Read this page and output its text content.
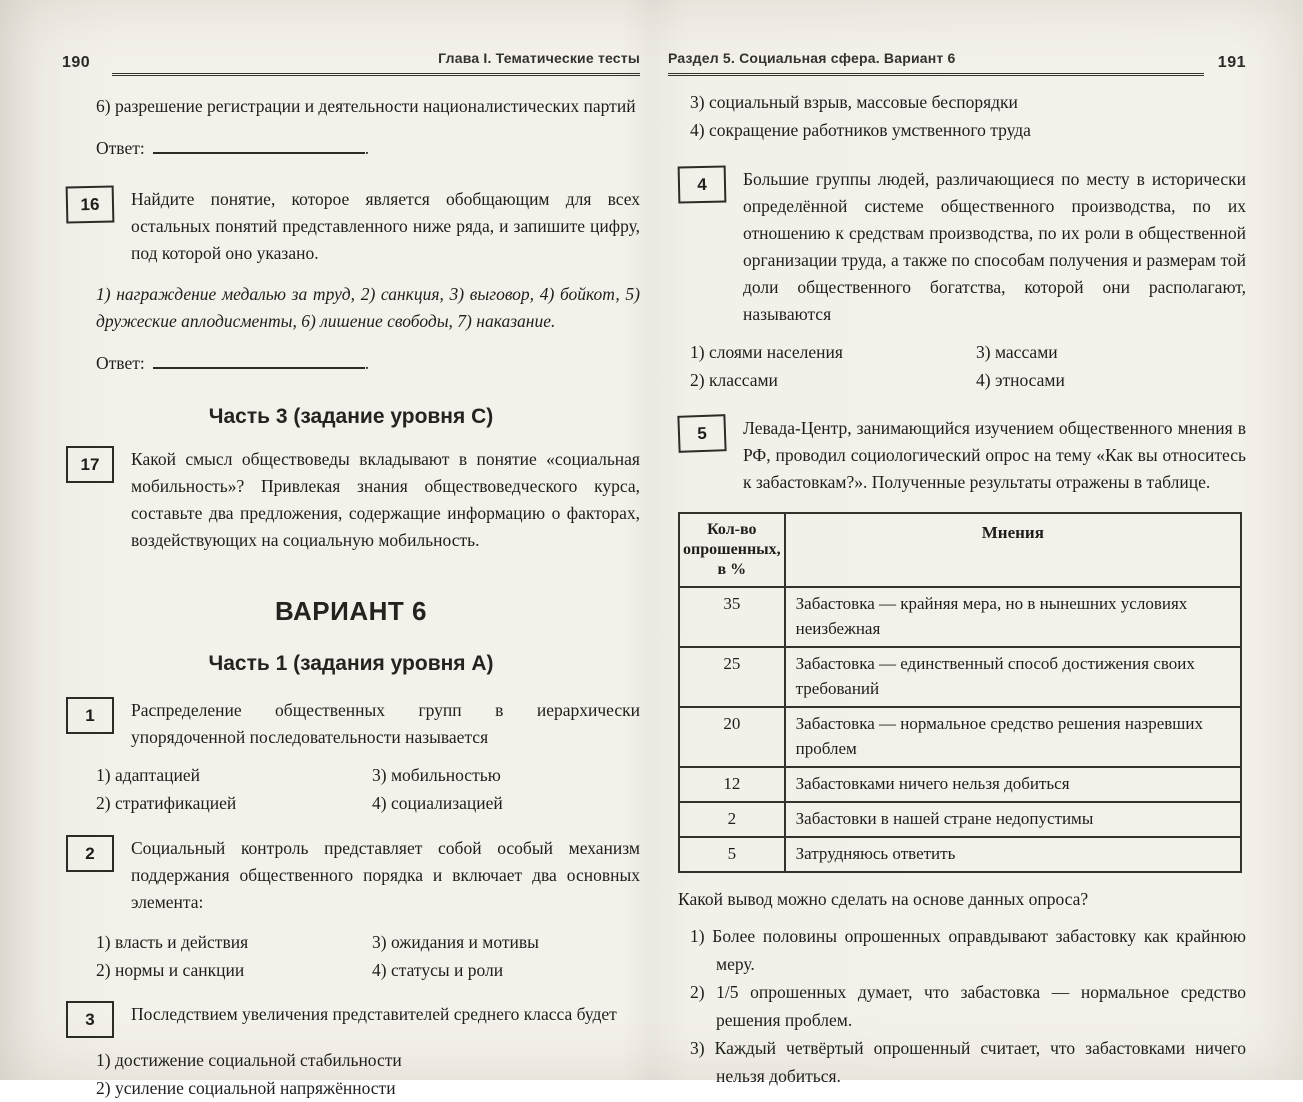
190	Глава I. Тематические тесты

6) разрешение регистрации и деятельности националистических партий

Ответ:	.
16 Найдите понятие, которое является обобщающим для всех остальных понятий представленного ниже ряда, и запишите цифру, под которой оно указано.

1) награждение медалью за труд, 2) санкция, 3) выговор, 4) бойкот, 5) дружеские аплодисменты, 6) лишение свободы, 7) наказание.

Ответ:	.
Часть 3 (задание уровня С)
17 Какой смысл обществоведы вкладывают в понятие «социальная мобильность»? Привлекая знания обществоведческого курса, составьте два предложения, содержащие информацию о факторах, воздействующих на социальную мобильность.

ВАРИАНТ 6
Часть 1 (задания уровня А)
1 Распределение общественных групп в иерархически упорядоченной последовательности называется

1) адаптацией	3) мобильностью
2) стратификацией	4) социализацией
2 Социальный контроль представляет собой особый механизм поддержания общественного порядка и включает два основных элемента:

1) власть и действия	3) ожидания и мотивы
2) нормы и санкции	4) статусы и роли
3 Последствием увеличения представителей среднего класса будет

1) достижение социальной стабильности

2) усиление социальной напряжённости

Раздел 5. Социальная сфера. Вариант 6	191

3) социальный взрыв, массовые беспорядки

4) сокращение работников умственного труда

4 Большие группы людей, различающиеся по месту в исторически определённой системе общественного производства, по их отношению к средствам производства, по их роли в общественной организации труда, а также по способам получения и размерам той доли общественного богатства, которой они располагают, называются

1) слоями населения	3) массами
2) классами	4) этносами
5 Левада-Центр, занимающийся изучением общественного мнения в РФ, проводил социологический опрос на тему «Как вы относитесь к забастовкам?». Полученные результаты отражены в таблице.

Кол-во опрошенных, в %	Мнения
35	Забастовка — крайняя мера, но в нынешних условиях неизбежная
25	Забастовка — единственный способ достижения своих требований
20	Забастовка — нормальное средство решения назревших проблем
12	Забастовками ничего нельзя добиться
2	Забастовки в нашей стране недопустимы
5	Затрудняюсь ответить

Какой вывод можно сделать на основе данных опроса?

1) Более половины опрошенных оправдывают забастовку как крайнюю меру.

2) 1/5 опрошенных думает, что забастовка — нормальное средство решения проблем.

3) Каждый четвёртый опрошенный считает, что забастовками ничего нельзя добиться.
